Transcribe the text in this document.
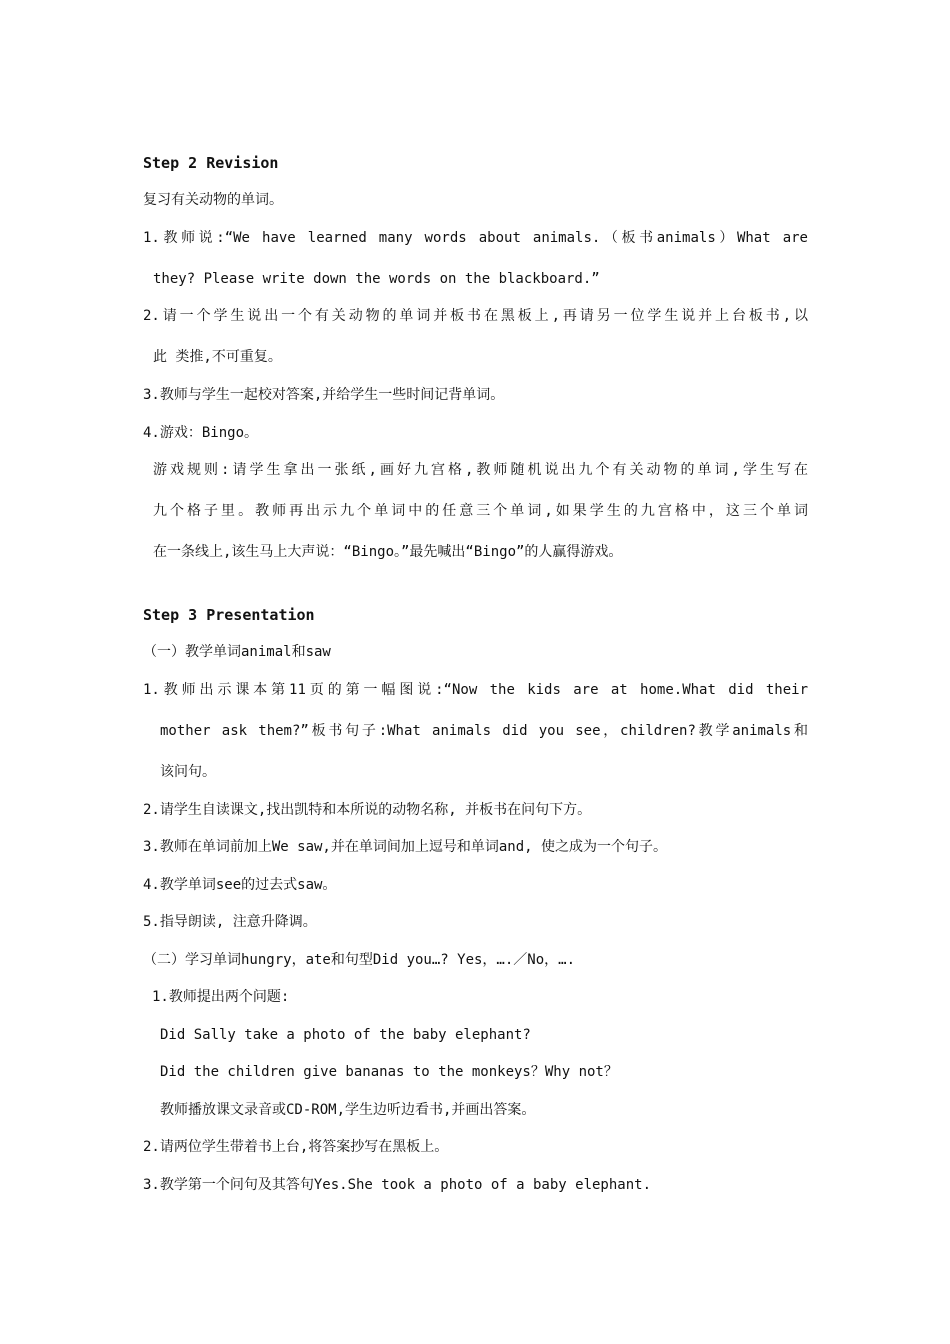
Step 2 Revision
复习有关动物的单词。
1.教师说:“We have learned many words about animals.（板书animals）What are
they? Please write down the words on the blackboard.”
2.请一个学生说出一个有关动物的单词并板书在黑板上,再请另一位学生说并上台板书,以
此 类推,不可重复。
3.教师与学生一起校对答案,并给学生一些时间记背单词。
4.游戏：Bingo。
游戏规则:请学生拿出一张纸,画好九宫格,教师随机说出九个有关动物的单词,学生写在
九个格子里。教师再出示九个单词中的任意三个单词,如果学生的九宫格中，这三个单词
在一条线上,该生马上大声说：“Bingo。”最先喊出“Bingo”的人赢得游戏。
Step 3 Presentation
（一）教学单词animal和saw
1.教师出示课本第11页的第一幅图说:“Now the kids are at home.What did their
mother ask them?”板书句子:What animals did you see，children?教学animals和
该问句。
2.请学生自读课文,找出凯特和本所说的动物名称, 并板书在问句下方。
3.教师在单词前加上We saw,并在单词间加上逗号和单词and, 使之成为一个句子。
4.教学单词see的过去式saw。
5.指导朗读, 注意升降调。
（二）学习单词hungry，ate和句型Did you…? Yes，….／No，….
1.教师提出两个问题:
Did Sally take a photo of the baby elephant?
Did the children give bananas to the monkeys？Why not？
教师播放课文录音或CD-ROM,学生边听边看书,并画出答案。
2.请两位学生带着书上台,将答案抄写在黑板上。
3.教学第一个问句及其答句Yes.She took a photo of a baby elephant.
